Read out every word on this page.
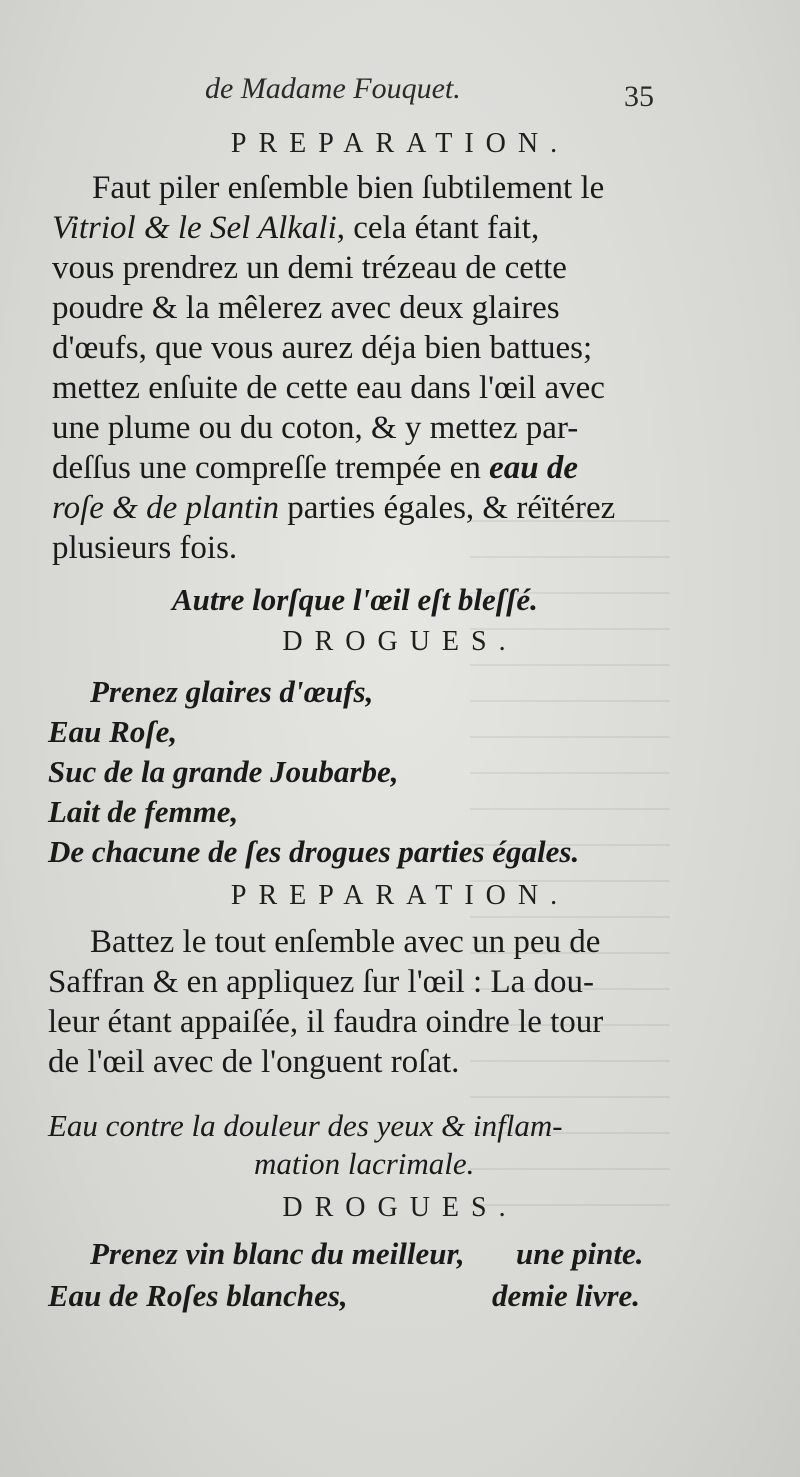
de Madame Fouquet.	35
PREPARATION.
Faut piler enſemble bien ſubtilement le
Vitriol & le Sel Alkali, cela étant fait,
vous prendrez un demi trézeau de cette
poudre & la mêlerez avec deux glaires
d'œufs, que vous aurez déja bien battues;
mettez enſuite de cette eau dans l'œil avec
une plume ou du coton, & y mettez par-
deſſus une compreſſe trempée en eau de
roſe & de plantin parties égales, & réïtérez
plusieurs fois.
Autre lorſque l'œil eſt bleſſé.
DROGUES.
Prenez glaires d'œufs,
Eau Roſe,
Suc de la grande Joubarbe,
Lait de femme,
De chacune de ſes drogues parties égales.
PREPARATION.
Battez le tout enſemble avec un peu de
Saffran & en appliquez ſur l'œil : La dou-
leur étant appaiſée, il faudra oindre le tour
de l'œil avec de l'onguent roſat.
Eau contre la douleur des yeux & inflam-
mation lacrimale.
DROGUES.
Prenez vin blanc du meilleur, une pinte.
Eau de Roſes blanches,	demie livre.
